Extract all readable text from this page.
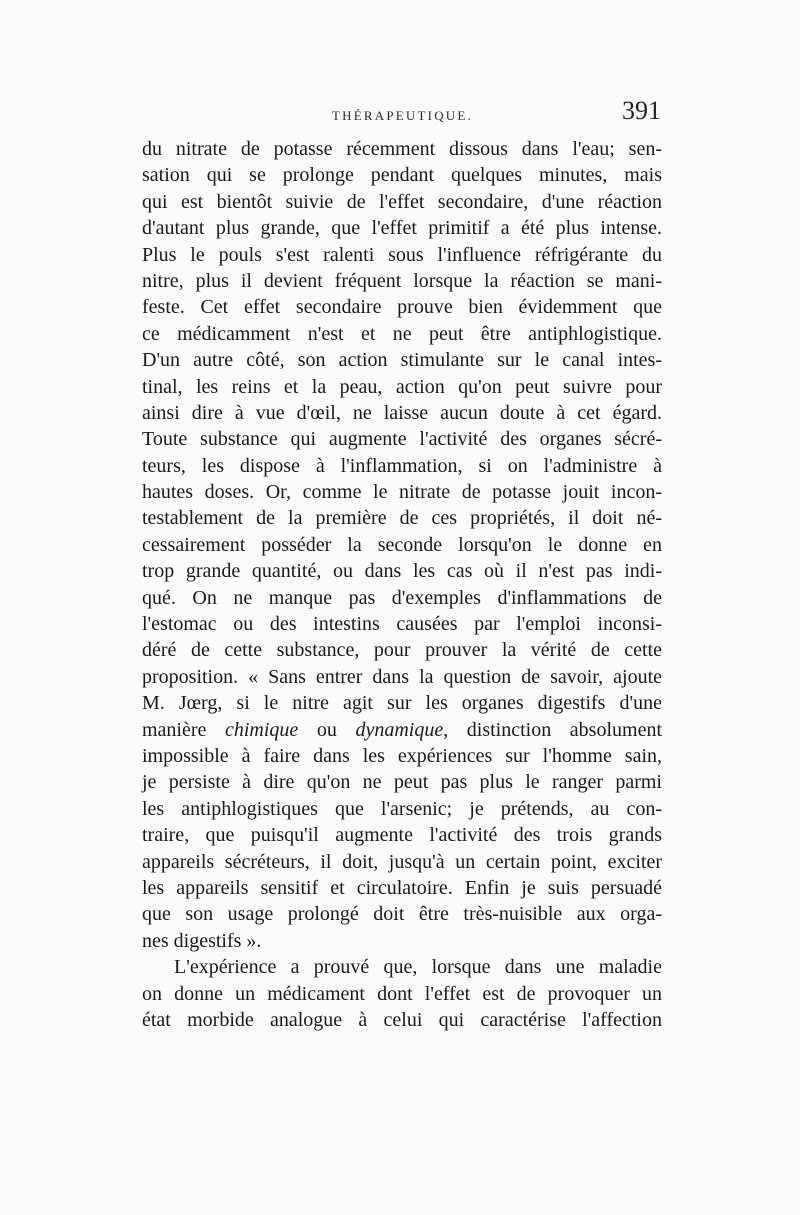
THÉRAPEUTIQUE.	391
du nitrate de potasse récemment dissous dans l'eau; sen-
sation qui se prolonge pendant quelques minutes, mais
qui est bientôt suivie de l'effet secondaire, d'une réaction
d'autant plus grande, que l'effet primitif a été plus intense.
Plus le pouls s'est ralenti sous l'influence réfrigérante du
nitre, plus il devient fréquent lorsque la réaction se mani-
feste. Cet effet secondaire prouve bien évidemment que
ce médicamment n'est et ne peut être antiphlogistique.
D'un autre côté, son action stimulante sur le canal intes-
tinal, les reins et la peau, action qu'on peut suivre pour
ainsi dire à vue d'œil, ne laisse aucun doute à cet égard.
Toute substance qui augmente l'activité des organes sécré-
teurs, les dispose à l'inflammation, si on l'administre à
hautes doses. Or, comme le nitrate de potasse jouit incon-
testablement de la première de ces propriétés, il doit né-
cessairement posséder la seconde lorsqu'on le donne en
trop grande quantité, ou dans les cas où il n'est pas indi-
qué. On ne manque pas d'exemples d'inflammations de
l'estomac ou des intestins causées par l'emploi inconsi-
déré de cette substance, pour prouver la vérité de cette
proposition. « Sans entrer dans la question de savoir, ajoute
M. Jœrg, si le nitre agit sur les organes digestifs d'une
manière chimique ou dynamique, distinction absolument
impossible à faire dans les expériences sur l'homme sain,
je persiste à dire qu'on ne peut pas plus le ranger parmi
les antiphlogistiques que l'arsenic; je prétends, au con-
traire, que puisqu'il augmente l'activité des trois grands
appareils sécréteurs, il doit, jusqu'à un certain point, exciter
les appareils sensitif et circulatoire. Enfin je suis persuadé
que son usage prolongé doit être très-nuisible aux orga-
nes digestifs ».
L'expérience a prouvé que, lorsque dans une maladie
on donne un médicament dont l'effet est de provoquer un
état morbide analogue à celui qui caractérise l'affection
